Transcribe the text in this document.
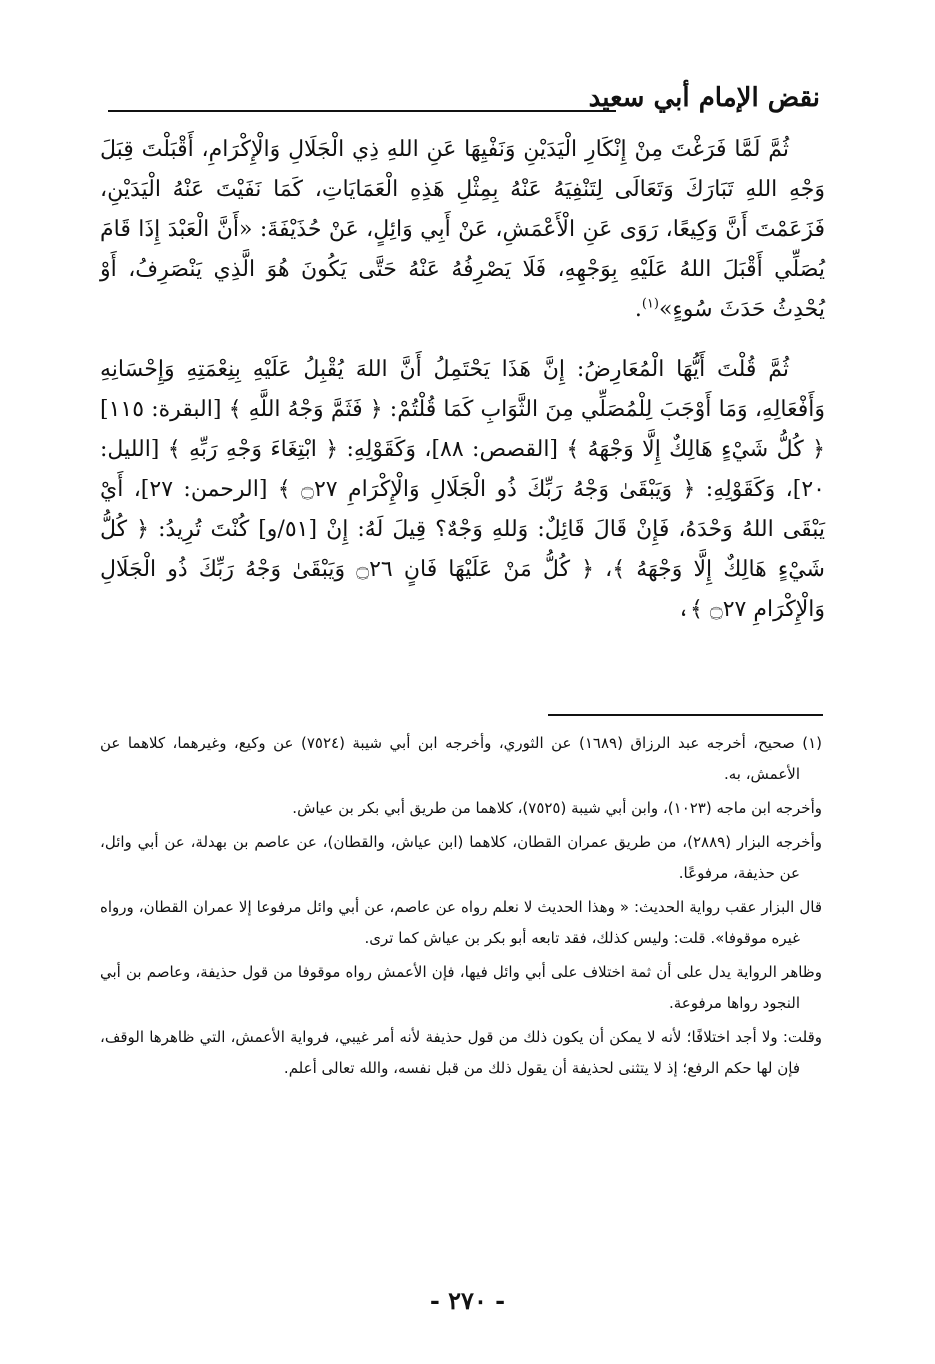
نقض الإمام أبي سعيد

ثُمَّ لَمَّا فَرَغْتَ مِنْ إِنْكَارِ الْيَدَيْنِ وَنَفْيِهَا عَنِ اللهِ ذِي الْجَلَالِ وَالْإِكْرَامِ، أَقْبَلْتَ قِبَلَ وَجْهِ اللهِ تَبَارَكَ وَتَعَالَى لِتَنْفِيَهُ عَنْهُ بِمِثْلِ هَذِهِ الْعَمَايَاتِ، كَمَا نَفَيْتَ عَنْهُ الْيَدَيْنِ، فَزَعَمْتَ أَنَّ وَكِيعًا، رَوَى عَنِ الْأَعْمَشِ، عَنْ أَبِي وَائِلٍ، عَنْ حُذَيْفَةَ: «أَنَّ الْعَبْدَ إِذَا قَامَ يُصَلِّي أَقْبَلَ اللهُ عَلَيْهِ بِوَجْهِهِ، فَلَا يَصْرِفُهُ عَنْهُ حَتَّى يَكُونَ هُوَ الَّذِي يَنْصَرِفُ، أَوْ يُحْدِثُ حَدَثَ سُوءٍ»$^{(١)}$.

ثُمَّ قُلْتَ أَيُّهَا الْمُعَارِضُ: إِنَّ هَذَا يَحْتَمِلُ أَنَّ اللهَ يُقْبِلُ عَلَيْهِ بِنِعْمَتِهِ وَإِحْسَانِهِ وَأَفْعَالِهِ، وَمَا أَوْجَبَ لِلْمُصَلِّي مِنَ الثَّوَابِ كَمَا قُلْتُمْ: ﴿ فَثَمَّ وَجْهُ اللَّهِ ﴾ [البقرة: ١١٥] ﴿ كُلُّ شَيْءٍ هَالِكٌ إِلَّا وَجْهَهُ ﴾ [القصص: ٨٨]، وَكَقَوْلِهِ: ﴿ ابْتِغَاءَ وَجْهِ رَبِّهِ ﴾ [الليل: ٢٠]، وَكَقَوْلِهِ: ﴿ وَيَبْقَىٰ وَجْهُ رَبِّكَ ذُو الْجَلَالِ وَالْإِكْرَامِ ۝٢٧ ﴾ [الرحمن: ٢٧]، أَيْ يَبْقَى اللهُ وَحْدَهُ، فَإِنْ قَالَ قَائِلٌ: وَللهِ وَجْهٌ؟ قِيلَ لَهُ: إِنْ [٥١/و] كُنْتَ تُرِيدُ: ﴿ كُلُّ شَيْءٍ هَالِكٌ إِلَّا وَجْهَهُ ﴾، ﴿ كُلُّ مَنْ عَلَيْهَا فَانٍ ۝٢٦ وَيَبْقَىٰ وَجْهُ رَبِّكَ ذُو الْجَلَالِ وَالْإِكْرَامِ ۝٢٧ ﴾،

(١) صحيح، أخرجه عبد الرزاق (١٦٨٩) عن الثوري، وأخرجه ابن أبي شيبة (٧٥٢٤) عن وكيع، وغيرهما، كلاهما عن الأعمش، به.

وأخرجه ابن ماجه (١٠٢٣)، وابن أبي شيبة (٧٥٢٥)، كلاهما من طريق أبي بكر بن عياش.

وأخرجه البزار (٢٨٨٩)، من طريق عمران القطان، كلاهما (ابن عياش، والقطان)، عن عاصم بن بهدلة، عن أبي وائل، عن حذيفة، مرفوعًا.

قال البزار عقب رواية الحديث: « وهذا الحديث لا نعلم رواه عن عاصم، عن أبي وائل مرفوعا إلا عمران القطان، ورواه غيره موقوفا». قلت: وليس كذلك، فقد تابعه أبو بكر بن عياش كما ترى.

وظاهر الرواية يدل على أن ثمة اختلاف على أبي وائل فيها، فإن الأعمش رواه موقوفا من قول حذيفة، وعاصم بن أبي النجود رواها مرفوعة.

وقلت: ولا أجد اختلافًا؛ لأنه لا يمكن أن يكون ذلك من قول حذيفة لأنه أمر غيبي، فرواية الأعمش، التي ظاهرها الوقف، فإن لها حكم الرفع؛ إذ لا يتثنى لحذيفة أن يقول ذلك من قبل نفسه، والله تعالى أعلم.

- ٢٧٠ -
